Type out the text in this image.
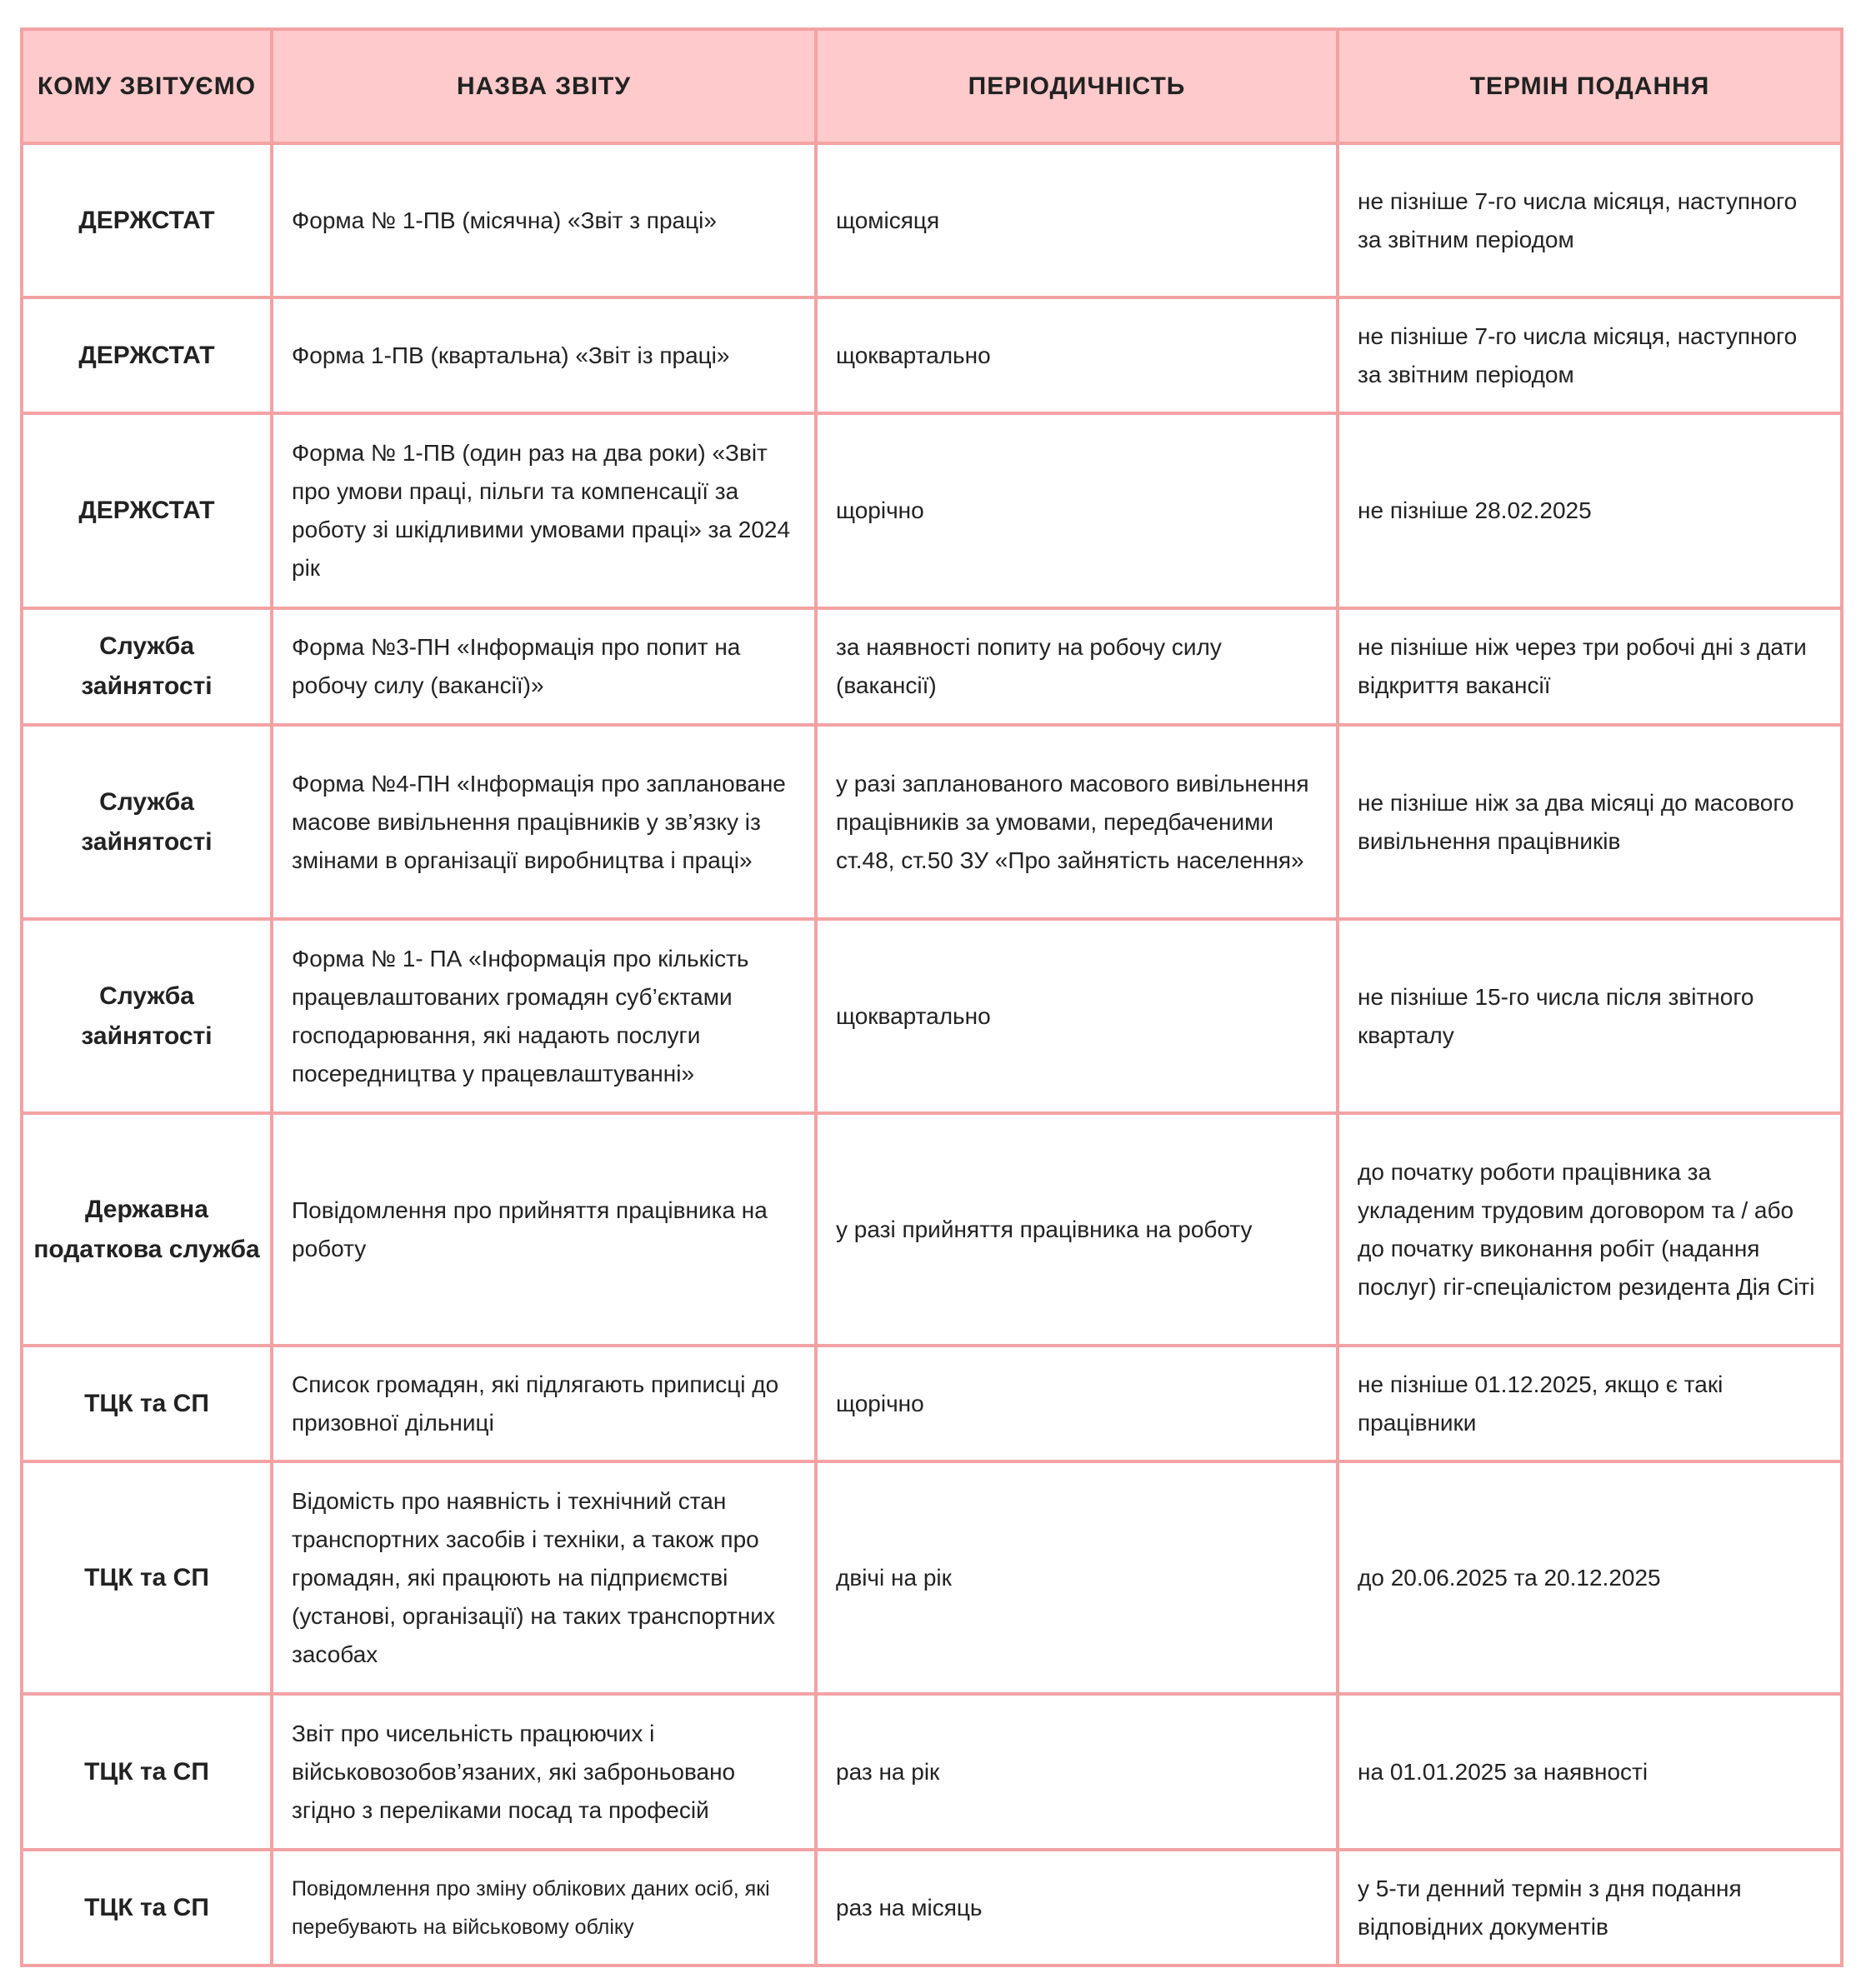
КОМУ ЗВІТУЄМО	НАЗВА ЗВІТУ	ПЕРІОДИЧНІСТЬ	ТЕРМІН ПОДАННЯ
ДЕРЖСТАТ	Форма № 1-ПВ (місячна) «Звіт з праці»	щомісяця	не пізніше 7-го числа місяця, наступного за звітним періодом
ДЕРЖСТАТ	Форма 1-ПВ (квартальна) «Звіт із праці»	щоквартально	не пізніше 7-го числа місяця, наступного за звітним періодом
ДЕРЖСТАТ	Форма № 1-ПВ (один раз на два роки) «Звіт про умови праці, пільги та компенсації за роботу зі шкідливими умовами праці» за 2024 рік	щорічно	не пізніше 28.02.2025
Служба зайнятості	Форма №3-ПН «Інформація про попит на робочу силу (вакансії)»	за наявності попиту на робочу силу (вакансії)	не пізніше ніж через три робочі дні з дати відкриття вакансії
Служба зайнятості	Форма №4-ПН «Інформація про заплановане масове вивільнення працівників у зв’язку із змінами в організації виробництва і праці»	у разі запланованого масового вивільнення працівників за умовами, передбаченими ст.48, ст.50 ЗУ «Про зайнятість населення»	не пізніше ніж за два місяці до масового вивільнення працівників
Служба зайнятості	Форма № 1- ПА «Інформація про кількість працевлаштованих громадян суб’єктами господарювання, які надають послуги посередництва у працевлаштуванні»	щоквартально	не пізніше 15-го числа після звітного кварталу
Державна податкова служба	Повідомлення про прийняття працівника на роботу	у разі прийняття працівника на роботу	до початку роботи працівника за укладеним трудовим договором та / або до початку виконання робіт (надання послуг) гіг-спеціалістом резидента Дія Сіті
ТЦК та СП	Список громадян, які підлягають приписці до призовної дільниці	щорічно	не пізніше 01.12.2025, якщо є такі працівники
ТЦК та СП	Відомість про наявність і технічний стан транспортних засобів і техніки, а також про громадян, які працюють на підприємстві (установі, організації) на таких транспортних засобах	двічі на рік	до 20.06.2025 та 20.12.2025
ТЦК та СП	Звіт про чисельність працюючих і військовозобов’язаних, які заброньовано згідно з переліками посад та професій	раз на рік	на 01.01.2025 за наявності
ТЦК та СП	Повідомлення про зміну облікових даних осіб, які перебувають на військовому обліку	раз на місяць	у 5-ти денний термін з дня подання відповідних документів
